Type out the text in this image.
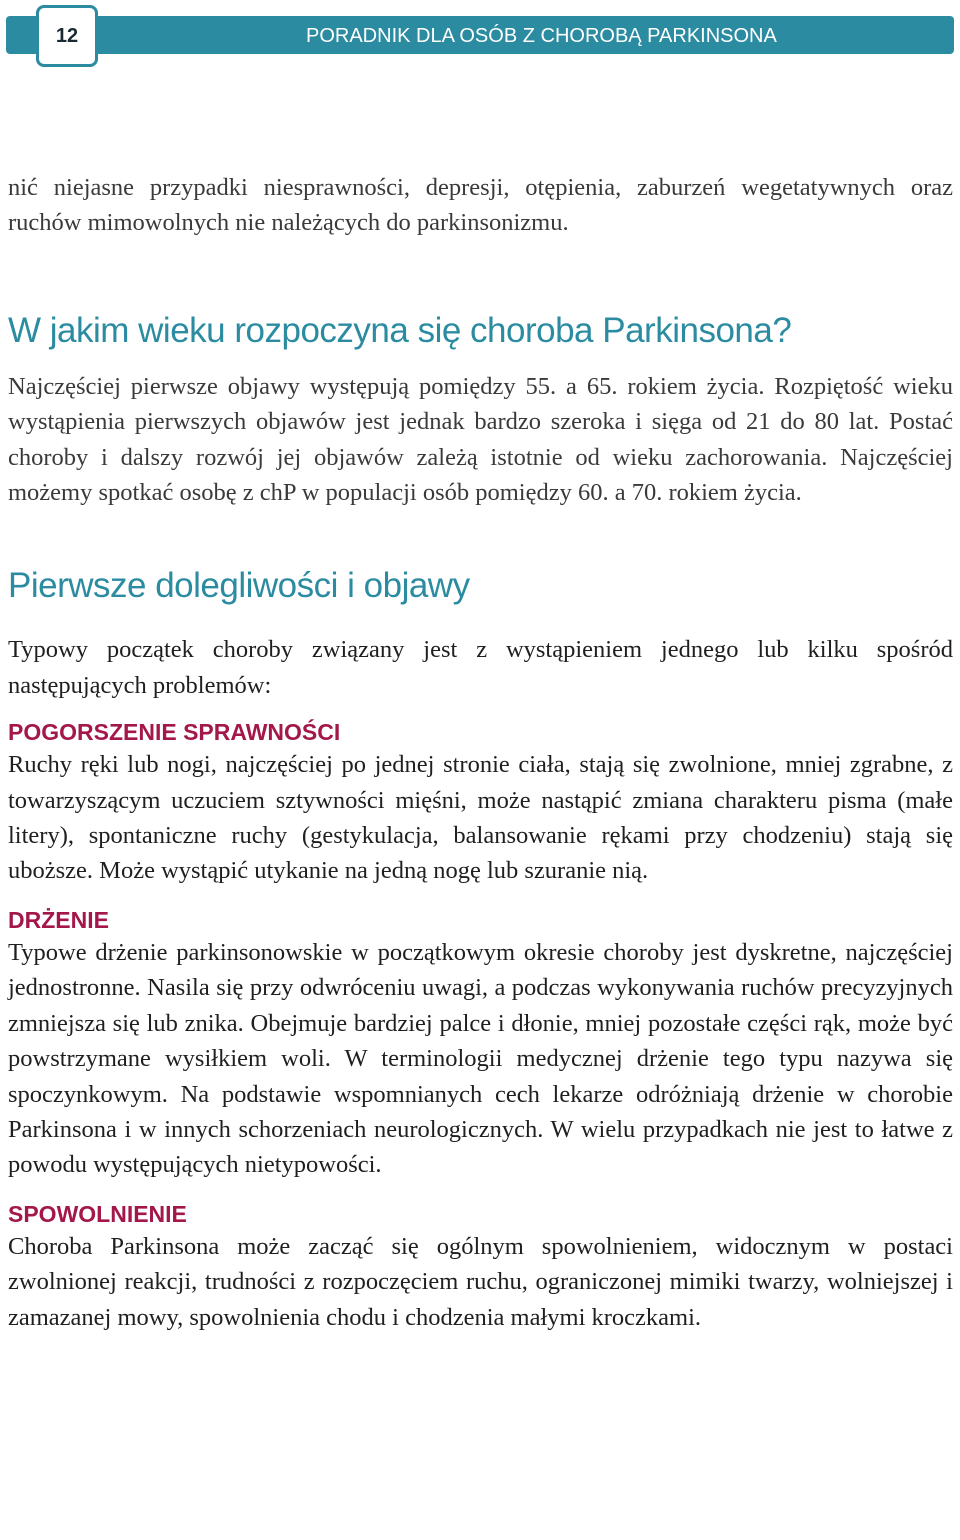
12	PORADNIK DLA OSÓB Z CHOROBĄ PARKINSONA

nić niejasne przypadki niesprawności, depresji, otępienia, zaburzeń wegetatywnych oraz ruchów mimowolnych nie należących do parkinsonizmu.

W jakim wieku rozpoczyna się choroba Parkinsona?

Najczęściej pierwsze objawy występują pomiędzy 55. a 65. rokiem życia. Rozpiętość wieku wystąpienia pierwszych objawów jest jednak bardzo szeroka i sięga od 21 do 80 lat. Postać choroby i dalszy rozwój jej objawów zależą istotnie od wieku zachorowania. Najczęściej możemy spotkać osobę z chP w populacji osób pomiędzy 60. a 70. rokiem życia.

Pierwsze dolegliwości i objawy

Typowy początek choroby związany jest z wystąpieniem jednego lub kilku spośród następujących problemów:

POGORSZENIE SPRAWNOŚCI

Ruchy ręki lub nogi, najczęściej po jednej stronie ciała, stają się zwolnione, mniej zgrabne, z towarzyszącym uczuciem sztywności mięśni, może nastąpić zmiana charakteru pisma (małe litery), spontaniczne ruchy (gestykulacja, balansowanie rękami przy chodzeniu) stają się uboższe. Może wystąpić utykanie na jedną nogę lub szuranie nią.

DRŻENIE

Typowe drżenie parkinsonowskie w początkowym okresie choroby jest dyskretne, najczęściej jednostronne. Nasila się przy odwróceniu uwagi, a podczas wykonywania ruchów precyzyjnych zmniejsza się lub znika. Obejmuje bardziej palce i dłonie, mniej pozostałe części rąk, może być powstrzymane wysiłkiem woli. W terminologii medycznej drżenie tego typu nazywa się spoczynkowym. Na podstawie wspomnianych cech lekarze odróżniają drżenie w chorobie Parkinsona i w innych schorzeniach neurologicznych. W wielu przypadkach nie jest to łatwe z powodu występujących nietypowości.

SPOWOLNIENIE

Choroba Parkinsona może zacząć się ogólnym spowolnieniem, widocznym w postaci zwolnionej reakcji, trudności z rozpoczęciem ruchu, ograniczonej mimiki twarzy, wolniejszej i zamazanej mowy, spowolnienia chodu i chodzenia małymi kroczkami.
